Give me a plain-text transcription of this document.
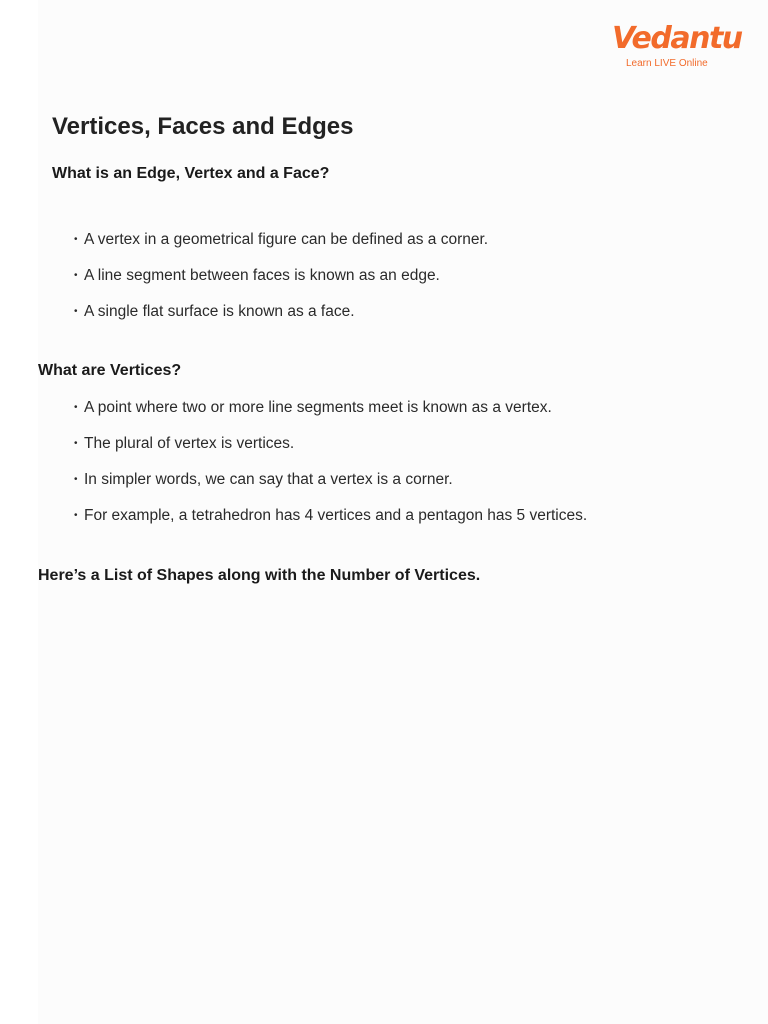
Vedantu
Learn LIVE Online
Vertices, Faces and Edges
What is an Edge, Vertex and a Face?
• A vertex in a geometrical figure can be defined as a corner.
• A line segment between faces is known as an edge.
• A single flat surface is known as a face.
What are Vertices?
• A point where two or more line segments meet is known as a vertex.
• The plural of vertex is vertices.
• In simpler words, we can say that a vertex is a corner.
• For example, a tetrahedron has 4 vertices and a pentagon has 5 vertices.
Here’s a List of Shapes along with the Number of Vertices.
